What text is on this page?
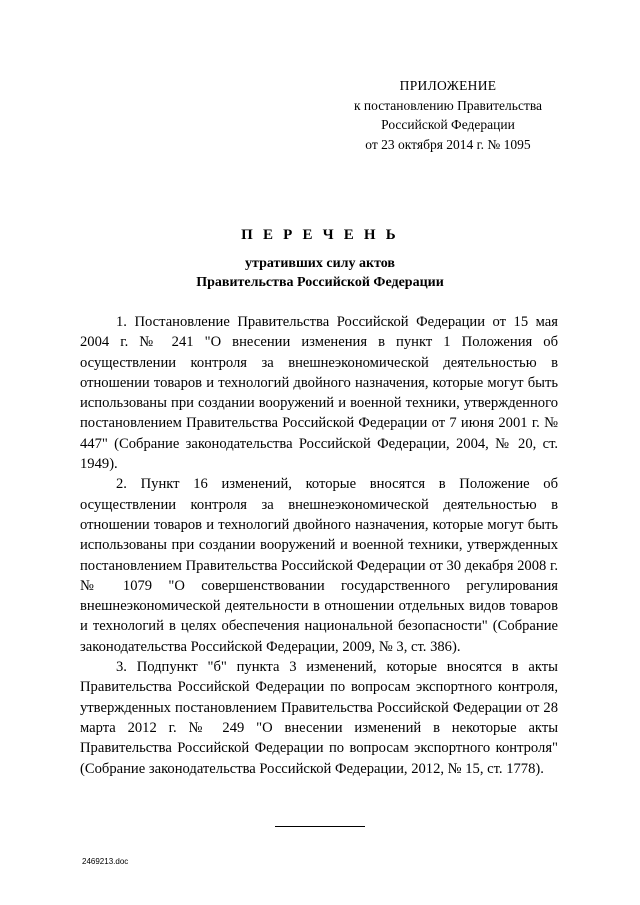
ПРИЛОЖЕНИЕ
к постановлению Правительства
Российской Федерации
от 23 октября 2014 г. № 1095
П Е Р Е Ч Е Н Ь
утративших силу актов
Правительства Российской Федерации

1. Постановление Правительства Российской Федерации от 15 мая 2004 г. № 241 "О внесении изменения в пункт 1 Положения об осуществлении контроля за внешнеэкономической деятельностью в отношении товаров и технологий двойного назначения, которые могут быть использованы при создании вооружений и военной техники, утвержденного постановлением Правительства Российской Федерации от 7 июня 2001 г. № 447" (Собрание законодательства Российской Федерации, 2004, № 20, ст. 1949).

2. Пункт 16 изменений, которые вносятся в Положение об осуществлении контроля за внешнеэкономической деятельностью в отношении товаров и технологий двойного назначения, которые могут быть использованы при создании вооружений и военной техники, утвержденных постановлением Правительства Российской Федерации от 30 декабря 2008 г. № 1079 "О совершенствовании государственного регулирования внешнеэкономической деятельности в отношении отдельных видов товаров и технологий в целях обеспечения национальной безопасности" (Собрание законодательства Российской Федерации, 2009, № 3, ст. 386).

3. Подпункт "б" пункта 3 изменений, которые вносятся в акты Правительства Российской Федерации по вопросам экспортного контроля, утвержденных постановлением Правительства Российской Федерации от 28 марта 2012 г. № 249 "О внесении изменений в некоторые акты Правительства Российской Федерации по вопросам экспортного контроля" (Собрание законодательства Российской Федерации, 2012, № 15, ст. 1778).

2469213.doc
